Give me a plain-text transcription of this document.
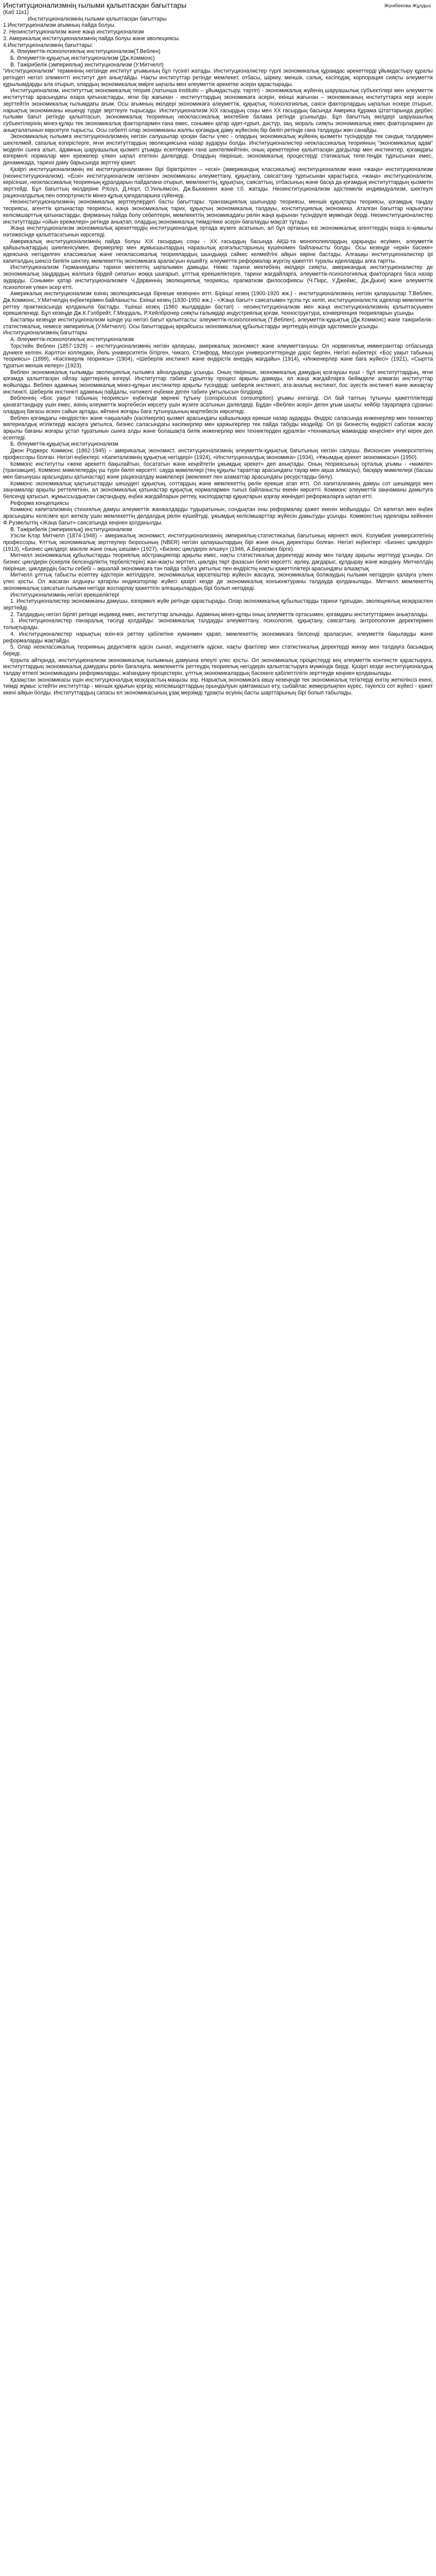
Институционализмнің ғылыми қалыптасқан бағыттары	Жүнібекова Жұлдыз

(Каб 11к1)

Институционализмнің ғылыми қалыптасқан бағыттары

1.Институционализм ағымның пайда болуы.

2. Неоинституционализм және жаңа институционализм

3. Америкалық институционализмнің пайда болуы және әволюциясы.

4.Институционализмнің бағыттары:

А. Әлеуметтік-психологиялық институционализм(Т.Веблен)

Б. Әлеуметтік-құқықтық институционализм (Дж.Коммонс)

В. Тәжірибелік (эмпириялық) институционализм (У.Митчелл)

"Институционализм" терминінің негізінде институт ұғымының бұл түсінігі жатады. Институционалистер түрлі экономикалық құрамдас әрекеттерді ұйымдастыру құралы ретіндегі негізгі элементті институт деп анықтайды. Нақты институттар ретінде мемлекет, отбасы, шіркеу, меншік, салық, кәсіподақ, корпорация сияқты әлеуметтік құрылымдарды ала отырып, олардың экономикалық өмірге ықпалы мен әлеуметтік әрекетке әсерін қарастырады.

Институционализм, институттық экономикалық теория (латынша institutio – ұйымдастыру, тәртіп) - экономикалық жүйенің шаруашылық субъектілері мен әлеуметтік институттар арасындағы өзара қатынастарды, яғни бір жағынан - институттардың экономикаға әсерін, екінші жағынан – экономиканың институттарға кері әсерін зерттейтін экономикалық ғылымдағы ағым. Осы ағымның өкілдері экономикаға әлеуметтік, құқықтық, психологиялық, саяси факторлардың ықпалын ескере отырып, нарықтық экономиканы кешенді түрде зерттеуге тырысады. Институционализм ХІХ ғасырдың соңы мен ХХ ғасырдың басында Америка Құрама Штаттарында дербес ғылыми бағыт ретінде қалыптасып, экономикалық теорияның неоклассикалық мектебіне балама ретінде ұсынылды. Бұл бағыттың өкілдері шаруашылық субъектілерінің мінез-құлқы тек экономикалық факторлармен ғана емес, сонымен қатар әдет-ғұрып, дәстүр, заң, мораль сияқты экономикалық емес факторлармен де анықталатынын көрсетуге тырысты. Осы себепті олар экономиканы жалпы қоғамдық даму жүйесінің бір бөлігі ретінде ғана талдауды жөн санайды.

Экономикалық ғылымға институционализмнің негізін салушылар қосқан басты үлес - олардың экономикалық жүйенің қызметін түсіндіруде тек сандық талдаумен шектелмей, сапалық өзгерістерге, яғни институттардың эволюциясына назар аударуы болды. Институционалистер неоклассикалық теорияның "экономикалық адам" моделін сынға алып, адамның шаруашылық қызметі ұтымды есептеумен ғана шектелмейтінін, оның әрекеттеріне қалыптасқан дағдылар мен инстинктер, қоғамдағы өзгермелі нормалар мен ережелер үлкен ықпал ететінін дәлелдеді. Олардың пікірінше, экономикалық процестерді статикалық тепе-теңдік тұрғысынан емес, динамикада, тарихи даму барысында зерттеу қажет.

Қазіргі институционализмнің екі институционализмнен бірі біріктірілген – «ескі» (американдық классикалық) институционализм және «жаңа» институционализм (неоинституционализм). «Ескі» институционализм негізінен экономиканы әлеуметтану, құқықтану, саясаттану тұрғысынан қарастырса, «жаңа» институционализм, керісінше, неоклассикалық теорияның құралдарын пайдалана отырып, мемлекеттің, құқықтың, саясаттың, отбасының және басқа да қоғамдық институттардың қызметін зерттейді. Бұл бағыттың өкілдеріне Р.Коуз, Д.Норт, О.Уильямсон, Дж.Бьюкенен және т.б. жатады. Неоинституционализм әдістемелік индивидуализм, шектеулі рационалдылық пен оппортунистік мінез-құлық қағидаларына сүйенеді.

Неоинституционализмнің экономикалық зерттеулердегі басты бағыттары: транзакциялық шығындар теориясы, меншік құқықтары теориясы, қоғамдық таңдау теориясы, агенттік қатынастар теориясы, жаңа экономикалық тарих, құқықтың экономикалық талдауы, конституциялық экономика. Аталған бағыттар нарықтағы келісімшарттық қатынастарды, фирманың пайда болу себептерін, мемлекеттің экономикадағы рөлін жаңа қырынан түсіндіруге мүмкіндік берді. Неоинституционалистер институттарды «ойын ережелері» ретінде анықтап, олардың экономикалық тиімділікке әсерін бағалауды мақсат тұтады.

Жаңа институционализм экономикалық әрекеттердің институционалдық ортада жүзеге асатынын, ал бұл ортаның өзі экономикалық агенттердің өзара іс-қимылы нәтижесінде қалыптасатынын көрсетеді.

Америкалық институционализмнің пайда болуы ХІХ ғасырдың соңы - ХХ ғасырдың басында АҚШ-та монополиялардың қарқынды өсуімен, әлеуметтік қайшылықтардың шиеленісуімен, фермерлер мен жұмысшылардың наразылық қозғалыстарының күшеюімен байланысты болды. Осы кезеңде «еркін бәсеке» идеясына негізделген классикалық және неоклассикалық теориялардың шындыққа сәйкес келмейтіні айқын көріне бастады. Алғашқы институционалистер ірі капиталдың шексіз билігін шектеу, мемлекеттің экономикаға араласуын күшейту, әлеуметтік реформалар жүргізу қажеттігі туралы идеяларды алға тартты.

Институционализм Германиядағы тарихи мектептің ықпалымен дамыды. Неміс тарихи мектебінің өкілдері сияқты, американдық институционалистер де экономикалық заңдардың жалпыға бірдей сипатын жоққа шығарып, ұлттық ерекшеліктерге, тарихи жағдайларға, әлеуметтік-психологиялық факторларға баса назар аударды. Сонымен қатар институционализмге Ч.Дарвиннің эволюциялық теориясы, прагматизм философиясы (Ч.Пирс, У.Джеймс, Дж.Дьюи) және әлеуметтік психология үлкен әсер етті.

Америкалық институционализм өзінің эволюциясында бірнеше кезеңнен өтті. Бірінші кезең (1900-1920 жж.) - институционализмнің негізін қалаушылар Т.Веблен, Дж.Коммонс, У.Митчелдің еңбектерімен байланысты. Екінші кезең (1930-1950 жж.) - «Жаңа бағыт» саясатымен тұспа-тұс келіп, институционалистік идеялар мемлекеттік реттеу практикасында қолданыла бастады. Үшінші кезең (1960 жылдардан бастап) - неоинституционализм мен жаңа институционализмнің қалыптасуымен ерекшеленеді. Бұл кезеңде Дж.К.Гэлбрейт, Г.Мюрдаль, Р.Хейлбронер сияқты ғалымдар индустриялық қоғам, техноструктура, конвергенция теорияларын ұсынды.

Бастапқы кезеңде институционализм ішінде үш негізгі бағыт қалыптасты: әлеуметтік-психологиялық (Т.Веблен), әлеуметтік-құқықтық (Дж.Коммонс) және тәжірибелік-статистикалық, немесе эмпириялық (У.Митчелл). Осы бағыттардың әрқайсысы экономикалық құбылыстарды зерттеудің өзіндік әдістемесін ұсынды.

Институционализмнің бағыттары

А. Әлеуметтік-психологиялық институционализм

Торстейн Веблен (1857-1929) – институционализмнің негізін қалаушы, америкалық экономист және әлеуметтанушы. Ол норвегиялық иммигранттар отбасында дүниеге келген. Карлтон колледжін, Йель университетін бітірген, Чикаго, Стэнфорд, Миссури университеттерінде дәріс берген. Негізгі еңбектері: «Бос уақыт табының теориясы» (1899), «Кәсіпкерлік теориясы» (1904), «Шеберлік инстинкті және өндірістік өнердің жағдайы» (1914), «Инженерлер және баға жүйесі» (1921), «Сыртта тұратын меншік иелері» (1923).

Веблен экономикалық ғылымды эволюциялық ғылымға айналдыруды ұсынды. Оның пікірінше, экономикалық дамудың қозғаушы күші - бұл институттардың, яғни қоғамда қалыптасқан ойлау әдеттерінің өзгеруі. Институттар табиғи сұрыптау процесі арқылы дамиды, ал жаңа жағдайларға бейімделе алмаған институттар жойылады. Веблен адамның экономикалық мінез-құлқын инстинктер арқылы түсіндірді: шеберлік инстинкті, ата-аналық инстинкт, бос әуестік инстинкті және жинақтау инстинкті. Шеберлік инстинкті адамның пайдалы, нәтижелі еңбекке деген табиғи ұмтылысын білдіреді.

Вебленнің «Бос уақыт табының теориясы» еңбегінде көрнекі тұтыну (conspicuous consumption) ұғымы енгізілді. Ол бай таптың тұтынуы қажеттіліктерді қанағаттандыру үшін емес, өзінің әлеуметтік мәртебесін көрсету үшін жүзеге асатынын дәлелдеді. Бұдан «Веблен әсері» деген ұғым шықты: кейбір тауарларға сұраныс олардың бағасы өскен сайын артады, өйткені жоғары баға тұтынушының мәртебесін көрсетеді.

Веблен қоғамдағы «өндірістік» және «ақшалай» (кәсіпкерлік) қызмет арасындағы қайшылыққа ерекше назар аударды. Өндіріс саласында инженерлер мен техниктер материалдық игіліктерді жасауға ұмтылса, бизнес саласындағы кәсіпкерлер мен қаржыгерлер тек пайда табуды көздейді. Ол ірі бизнестің өндірісті саботаж жасау арқылы бағаны жоғары ұстап тұратынын сынға алды және болашақта билік инженерлер мен техниктерден құралған «техникалық мамандар кеңесіне» өтуі керек деп есептеді.

Б. Әлеуметтік-құқықтық институционализм

Джон Роджерс Коммонс (1862-1945) – америкалық экономист, институционализмнің әлеуметтік-құқықтық бағытының негізін салушы. Висконсин университетінің профессоры болған. Негізгі еңбектері: «Капитализмнің құқықтық негіздері» (1924), «Институционалдық экономика» (1934), «Ұжымдық әрекет экономикасы» (1950).

Коммонс институтты «жеке әрекетті бақылайтын, босататын және кеңейтетін ұжымдық әрекет» деп анықтады. Оның теориясының орталық ұғымы - «мәміле» (транзакция). Коммонс мәмілелердің үш түрін бөліп көрсетті: сауда мәмілелері (тең құқылы тараптар арасындағы тауар мен ақша алмасуы), басқару мәмілелері (басшы мен бағынушы арасындағы қатынастар) және рационалдау мәмілелері (мемлекет пен азаматтар арасындағы ресурстарды бөлу).

Коммонс экономикалық қақтығыстарды шешудегі құқықтың, соттардың және мемлекеттің рөлін ерекше атап өтті. Ол капитализмнің дамуы сот шешімдері мен заңнамалар арқылы реттелетінін, ал экономикалық қатынастар құқықтық нормалармен тығыз байланысты екенін көрсетті. Коммонс әлеуметтік заңнаманы дамытуға белсенді қатысып, жұмыссыздықтан сақтандыру, еңбек жағдайларын реттеу, кәсіподақтар құқықтарын қорғау жөніндегі реформаларға ықпал етті.

Реформа концепциясы

Коммонс капитализмнің стихиялық дамуы әлеуметтік жанжалдарды тудыратынын, сондықтан оны реформалау қажет екенін мойындады. Ол капитал мен еңбек арасындағы келісімге қол жеткізу үшін мемлекеттің делдалдық рөлін күшейтуді, ұжымдық келісімшарттар жүйесін дамытуды ұсынды. Коммонстың идеялары кейіннен Ф.Рузвельттің «Жаңа бағыт» саясатында кеңінен қолданылды.

В. Тәжірибелік (эмпириялық) институционализм

Уэсли Клэр Митчелл (1874-1948) – америкалық экономист, институционализмнің эмпириялық-статистикалық бағытының көрнекті өкілі. Колумбия университетінің профессоры, Ұлттық экономикалық зерттеулер бюросының (NBER) негізін қалаушылардың бірі және оның директоры болған. Негізгі еңбектері: «Бизнес циклдері» (1913), «Бизнес циклдері: мәселе және оның шешімі» (1927), «Бизнес циклдерін өлшеу» (1946, А.Бернсмен бірге).

Митчелл экономикалық құбылыстарды теориялық абстракциялар арқылы емес, нақты статистикалық деректерді жинау мен талдау арқылы зерттеуді ұсынды. Ол бизнес циклдерін (іскерлік белсенділіктің тербелістерін) жан-жақты зерттеп, циклдің төрт фазасын бөліп көрсетті: өрлеу, дағдарыс, құлдырау және жандану. Митчеллдің пікірінше, циклдердің басты себебі – ақшалай экономикаға тән пайда табуға ұмтылыс пен өндірістің нақты қажеттіліктері арасындағы алшақтық.

Митчелл ұлттық табысты есептеу әдістерін жетілдіруге, экономикалық көрсеткіштер жүйесін жасауға, экономикалық болжаудың ғылыми негіздерін қалауға үлкен үлес қосты. Ол жасаған алдыңғы қатарлы индикаторлар жүйесі қазіргі кезде де экономикалық конъюнктураны талдауда қолданылады. Митчелл мемлекеттің экономикалық саясатын ғылыми негізде жоспарлау қажеттігін алғашқылардың бірі болып негіздеді.

Институционализмнің негізгі ерекшеліктері

1. Институционалистер экономиканы дамушы, өзгермелі жүйе ретінде қарастырады. Олар экономикалық құбылыстарды тарихи тұрғыдан, эволюциялық көзқараспен зерттейді.

2. Талдаудың негізгі бірлігі ретінде индивид емес, институттар алынады. Адамның мінез-құлқы оның әлеуметтік ортасымен, қоғамдағы институттармен анықталады.

3. Институционалистер пәнаралық тәсілді қолдайды: экономикалық талдауды әлеуметтану, психология, құқықтану, саясаттану, антропология деректерімен толықтырады.

4. Институционалистер нарықтың өзін-өзі реттеу қабілетіне күмәнмен қарап, мемлекеттің экономикаға белсенді араласуын, әлеуметтік бақылауды және реформаларды жақтайды.

5. Олар неоклассикалық теорияның дедуктивтік әдісін сынап, индуктивтік әдіске, нақты фактілер мен статистикалық деректерді жинау мен талдауға басымдық береді.

Қорыта айтқанда, институционализм экономикалық ғылымның дамуына елеулі үлес қосты. Ол экономикалық процестерді кең әлеуметтік контексте қарастыруға, институттардың экономикалық дамудағы рөлін бағалауға, мемлекеттік реттеудің теориялық негіздерін қалыптастыруға мүмкіндік берді. Қазіргі кезде институционалдық талдау өтпелі экономикадағы реформаларды, жаһандану процестерін, ұлттық экономикалардың бәсекеге қабілеттілігін зерттеуде кеңінен қолданылады.

Қазақстан экономикасы үшін институционалдық көзқарастың маңызы зор. Нарықтық экономикаға көшу кезеңінде тек экономикалық тетіктерді енгізу жеткіліксіз екені, тиімді жұмыс істейтін институттар - меншік құқығын қорғау, келісімшарттардың орындалуын қамтамасыз ету, сыбайлас жемқорлықпен күрес, тәуелсіз сот жүйесі - қажет екені айқын болды. Институттардың сапасы ел экономикасының ұзақ мерзімді тұрақты өсуінің басты шарттарының бірі болып табылады.
